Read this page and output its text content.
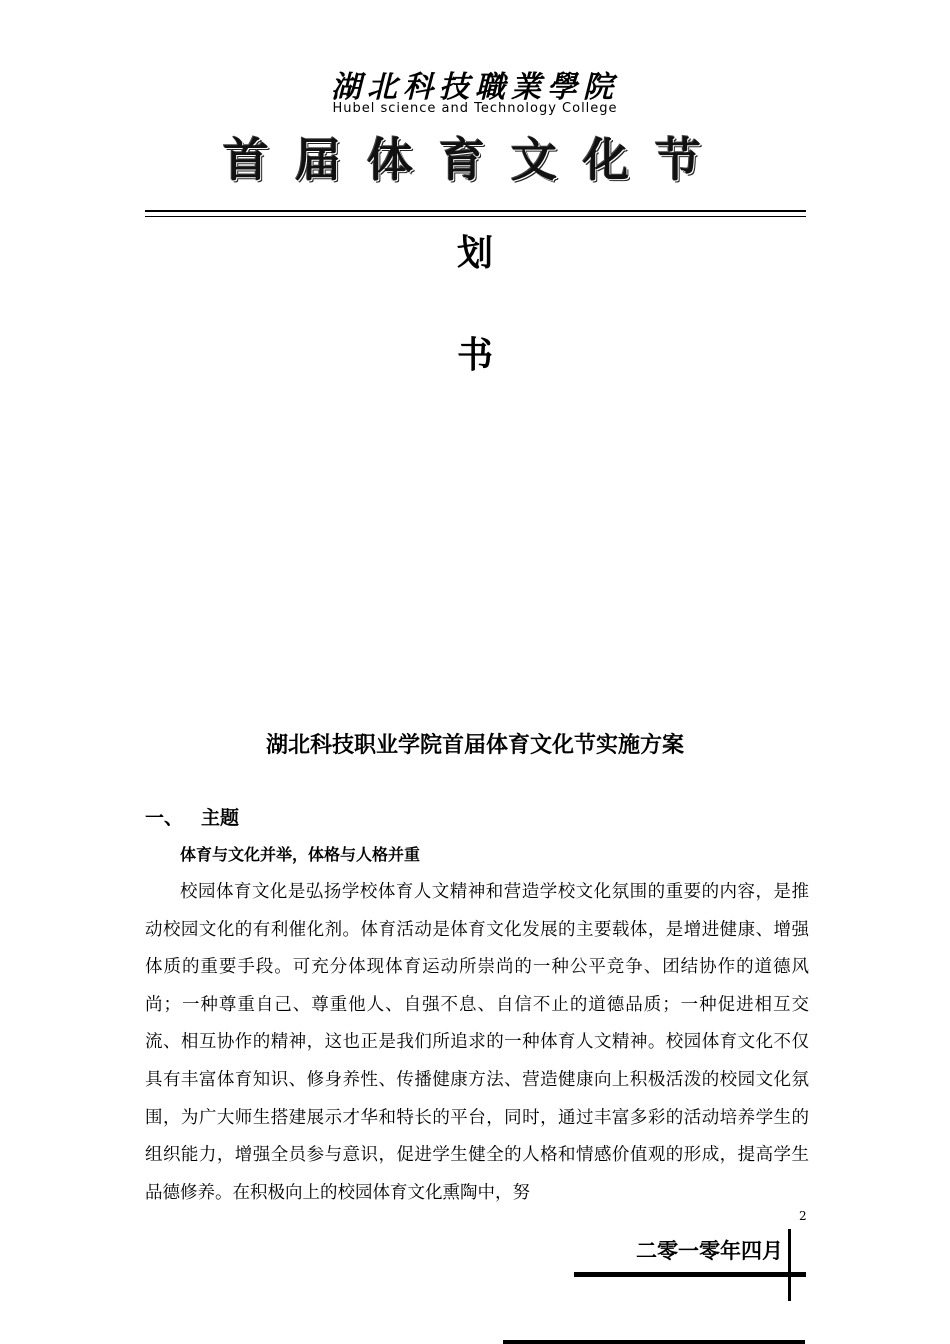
湖北科技職業學院
Hubel science and Technology College
首届体育文化节
划
书
湖北科技职业学院首届体育文化节实施方案
一、 主题
体育与文化并举，体格与人格并重
校园体育文化是弘扬学校体育人文精神和营造学校文化氛围的重要的内容，是推动校园文化的有利催化剂。体育活动是体育文化发展的主要载体，是增进健康、增强体质的重要手段。可充分体现体育运动所崇尚的一种公平竞争、团结协作的道德风尚；一种尊重自己、尊重他人、自强不息、自信不止的道德品质；一种促进相互交流、相互协作的精神，这也正是我们所追求的一种体育人文精神。校园体育文化不仅具有丰富体育知识、修身养性、传播健康方法、营造健康向上积极活泼的校园文化氛围，为广大师生搭建展示才华和特长的平台，同时，通过丰富多彩的活动培养学生的组织能力，增强全员参与意识，促进学生健全的人格和情感价值观的形成，提高学生品德修养。在积极向上的校园体育文化熏陶中，努
2
二零一零年四月
